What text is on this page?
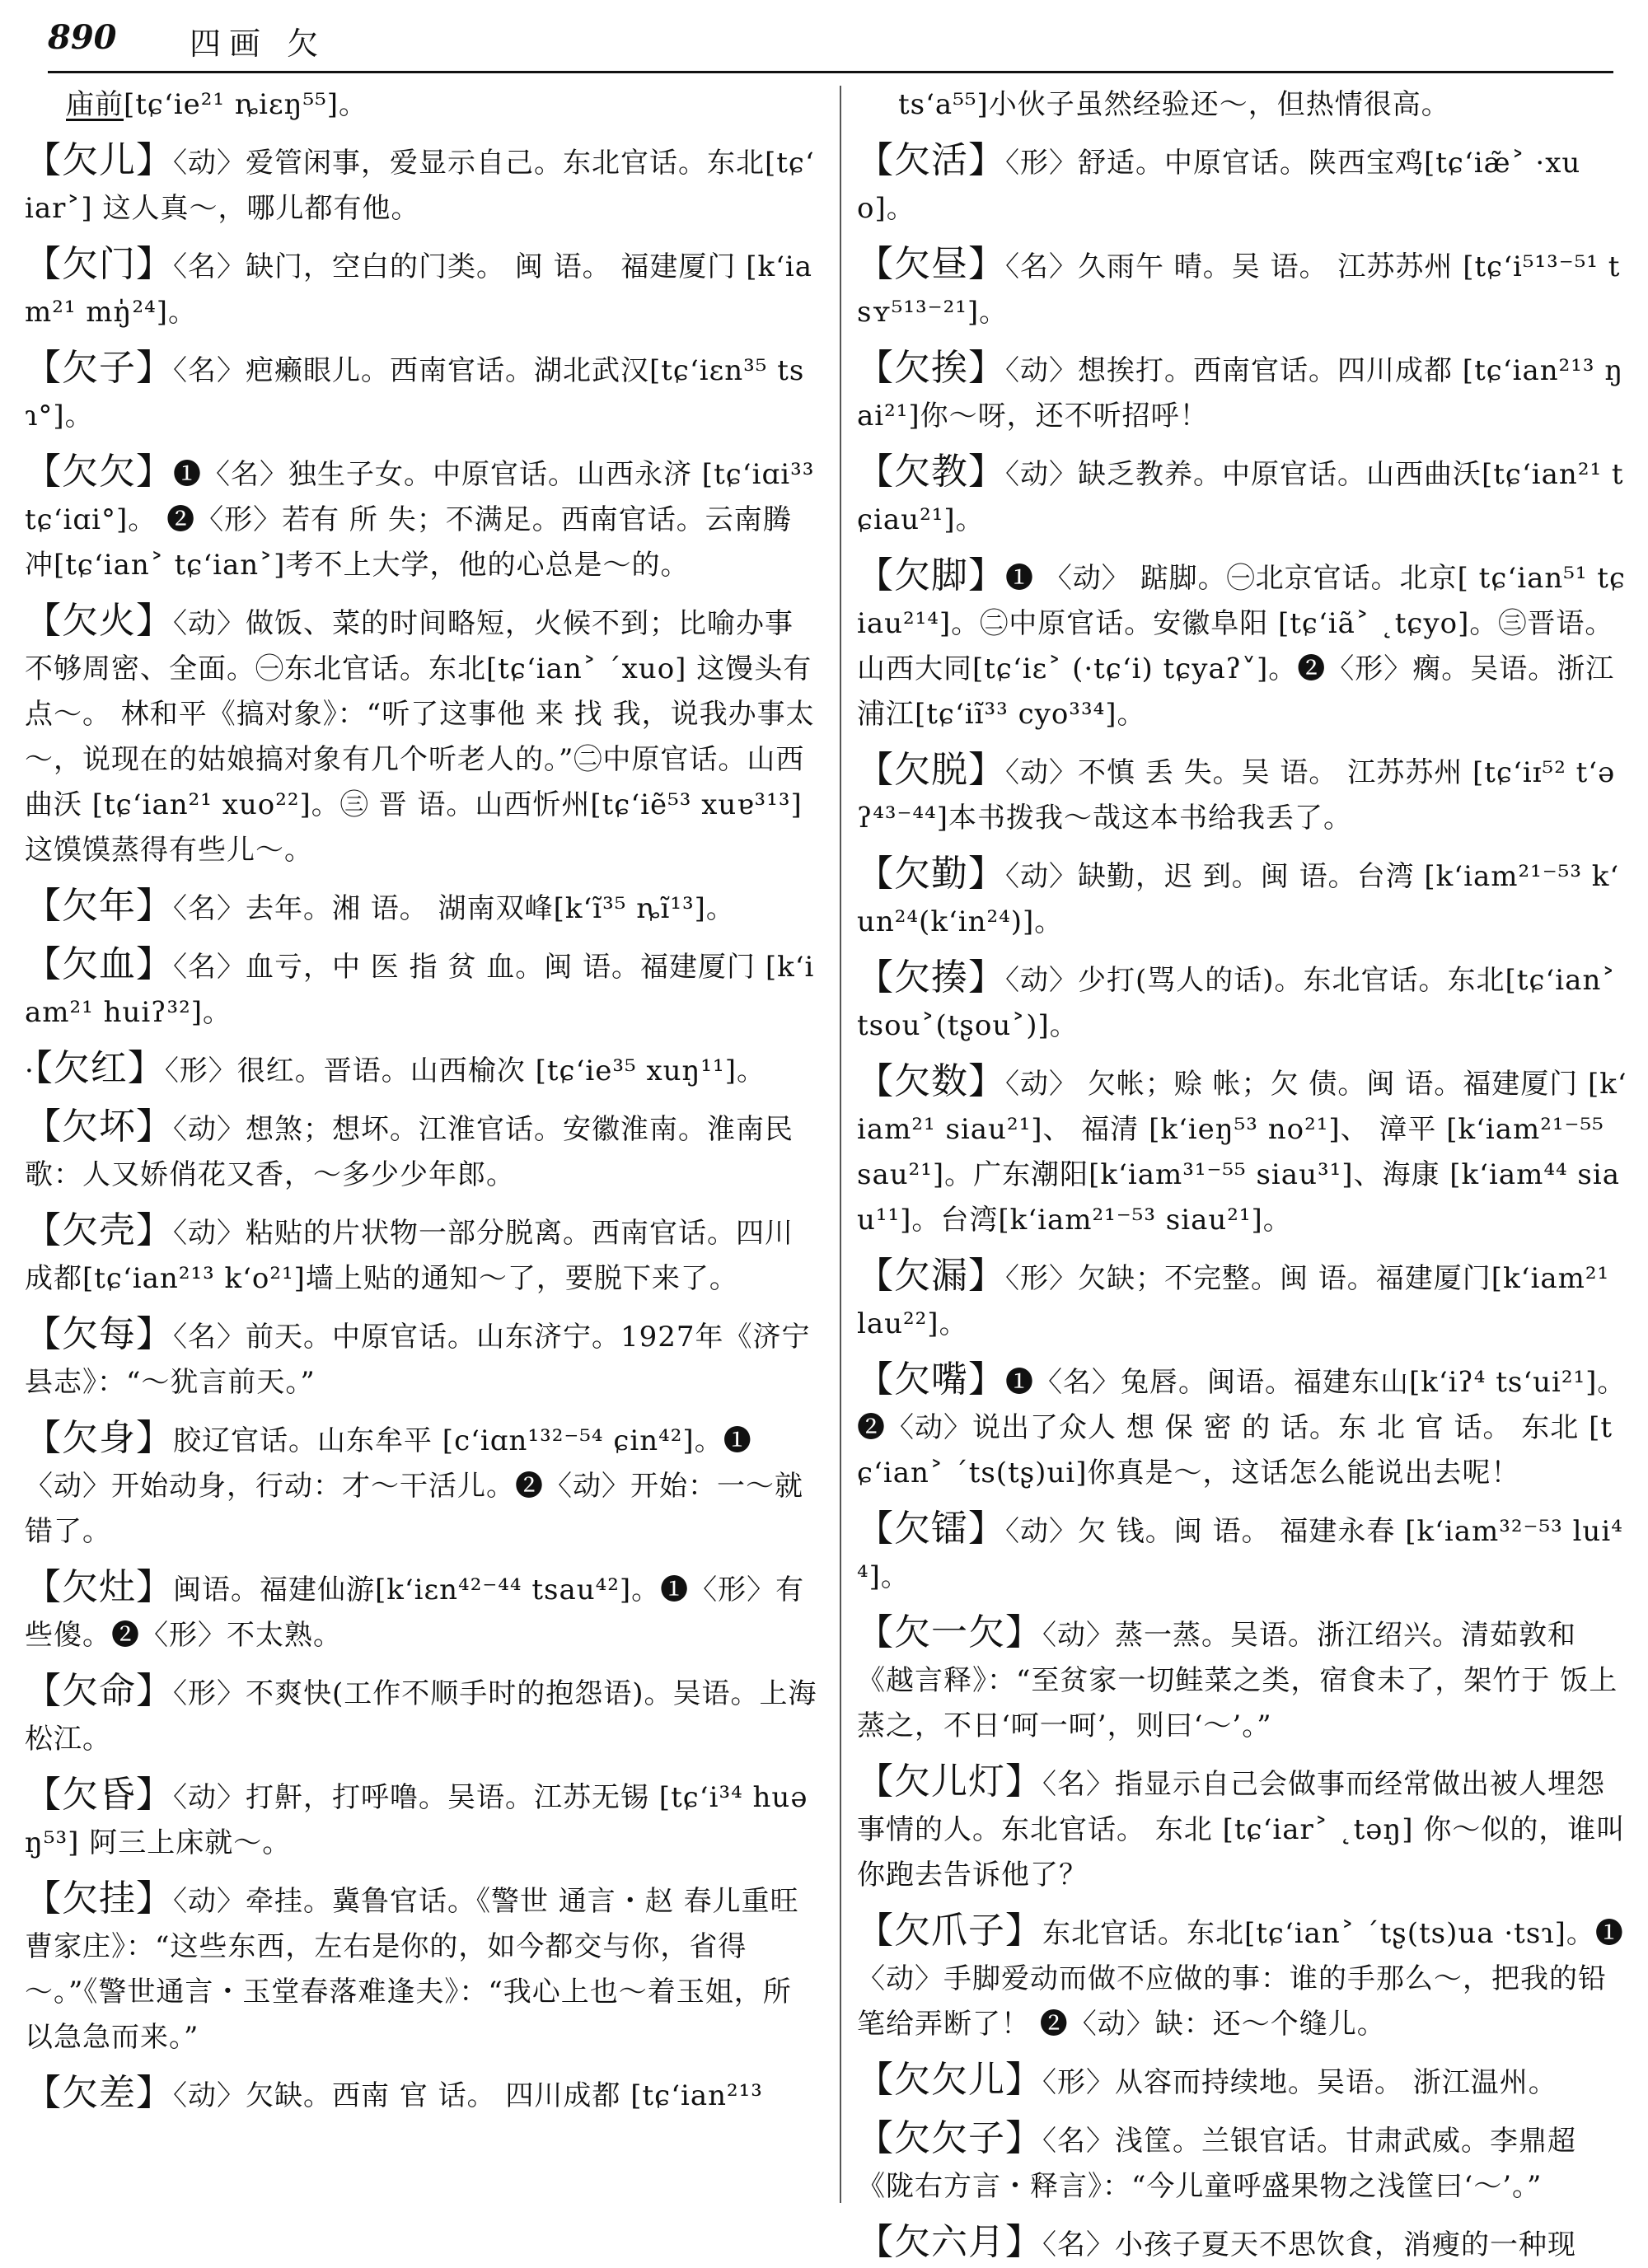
890 四画 欠

庙前[tɕʻie²¹ ȵiɛŋ⁵⁵]。

【欠儿】〈动〉爱管闲事，爱显示自己。东北官话。东北[tɕʻiar˃] 这人真～，哪儿都有他。

【欠门】〈名〉缺门，空白的门类。 闽 语。 福建厦门 [kʻiam²¹ mŋ̍²⁴]。

【欠子】〈名〉疤癞眼儿。西南官话。湖北武汉[tɕʻiɛn³⁵ tsɿ°]。

【欠欠】❶〈名〉独生子女。中原官话。山西永济 [tɕʻiɑi³³ tɕʻiɑi°]。 ❷〈形〉若有 所 失；不满足。西南官话。云南腾冲[tɕʻian˃ tɕʻian˃]考不上大学，他的心总是～的。

【欠火】〈动〉做饭、菜的时间略短，火候不到；比喻办事不够周密、全面。㊀东北官话。东北[tɕʻian˃ ˊxuo] 这馒头有点～。 林和平《搞对象》：“听了这事他 来 找 我，说我办事太～，说现在的姑娘搞对象有几个听老人的。”㊁中原官话。山西曲沃 [tɕʻian²¹ xuo²²]。㊂ 晋 语。山西忻州[tɕʻiẽ⁵³ xuɐ³¹³]这馍馍蒸得有些儿～。

【欠年】〈名〉去年。湘 语。 湖南双峰[kʻĩ³⁵ ȵĩ¹³]。

【欠血】〈名〉血亏，中 医 指 贫 血。闽 语。福建厦门 [kʻiam²¹ huiʔ³²]。

·【欠红】〈形〉很红。晋语。山西榆次 [tɕʻie³⁵ xuŋ¹¹]。

【欠坏】〈动〉想煞；想坏。江淮官话。安徽淮南。淮南民歌：人又娇俏花又香，～多少少年郎。

【欠壳】〈动〉粘贴的片状物一部分脱离。西南官话。四川成都[tɕʻian²¹³ kʻo²¹]墙上贴的通知～了，要脱下来了。

【欠每】〈名〉前天。中原官话。山东济宁。1927年《济宁县志》：“～犹言前天。”

【欠身】胶辽官话。山东牟平 [cʻiɑn¹³²⁻⁵⁴ ɕin⁴²]。❶〈动〉开始动身，行动：才～干活儿。❷〈动〉开始：一～就错了。

【欠灶】闽语。福建仙游[kʻiɛn⁴²⁻⁴⁴ tsau⁴²]。❶〈形〉有些傻。❷〈形〉不太熟。

【欠命】〈形〉不爽快(工作不顺手时的抱怨语)。吴语。上海松江。

【欠昏】〈动〉打鼾，打呼噜。吴语。江苏无锡 [tɕʻi³⁴ huəŋ⁵³] 阿三上床就～。

【欠挂】〈动〉牵挂。冀鲁官话。《警世 通言・赵 春儿重旺曹家庄》：“这些东西，左右是你的，如今都交与你，省得～。”《警世通言・玉堂春落难逢夫》：“我心上也～着玉姐，所以急急而来。”

【欠差】〈动〉欠缺。西南 官 话。 四川成都 [tɕʻian²¹³

tsʻa⁵⁵]小伙子虽然经验还～，但热情很高。

【欠活】〈形〉舒适。中原官话。陕西宝鸡[tɕʻiæ̃˃ ·xuo]。

【欠昼】〈名〉久雨午 晴。吴 语。 江苏苏州 [tɕʻi⁵¹³⁻⁵¹ tsʏ⁵¹³⁻²¹]。

【欠挨】〈动〉想挨打。西南官话。四川成都 [tɕʻian²¹³ ŋai²¹]你～呀，还不听招呼！

【欠教】〈动〉缺乏教养。中原官话。山西曲沃[tɕʻian²¹ tɕiau²¹]。

【欠脚】❶ 〈动〉 踮脚。㊀北京官话。北京[ tɕʻian⁵¹ tɕiau²¹⁴]。㊁中原官话。安徽阜阳 [tɕʻiã˃ ˛tɕyo]。㊂晋语。山西大同[tɕʻiɛ˃ (·tɕʻi) tɕyaʔ˅]。❷〈形〉瘸。吴语。浙江浦江[tɕʻiĩ³³ cyo³³⁴]。

【欠脱】〈动〉不慎 丢 失。吴 语。 江苏苏州 [tɕʻiɪ⁵² tʻəʔ⁴³⁻⁴⁴]本书拨我～哉这本书给我丢了。

【欠勤】〈动〉缺勤，迟 到。闽 语。台湾 [kʻiam²¹⁻⁵³ kʻun²⁴(kʻin²⁴)]。

【欠揍】〈动〉少打(骂人的话)。东北官话。东北[tɕʻian˃ tsou˃(tʂou˃)]。

【欠数】〈动〉 欠帐；赊 帐；欠 债。闽 语。福建厦门 [kʻiam²¹ siau²¹]、 福清 [kʻieŋ⁵³ no²¹]、 漳平 [kʻiam²¹⁻⁵⁵ sau²¹]。广东潮阳[kʻiam³¹⁻⁵⁵ siau³¹]、海康 [kʻiam⁴⁴ siau¹¹]。台湾[kʻiam²¹⁻⁵³ siau²¹]。

【欠漏】〈形〉欠缺；不完整。闽 语。福建厦门[kʻiam²¹ lau²²]。

【欠嘴】❶〈名〉兔唇。闽语。福建东山[kʻiʔ⁴ tsʻui²¹]。❷〈动〉说出了众人 想 保 密 的 话。东 北 官 话。 东北 [tɕʻian˃ ˊts(tʂ)ui]你真是～，这话怎么能说出去呢！

【欠镭】〈动〉欠 钱。闽 语。 福建永春 [kʻiam³²⁻⁵³ lui⁴⁴]。

【欠一欠】〈动〉蒸一蒸。吴语。浙江绍兴。清茹敦和《越言释》：“至贫家一切鲑菜之类，宿食未了，架竹于 饭上蒸之，不日‘呵一呵’，则曰‘～’。”

【欠儿灯】〈名〉指显示自己会做事而经常做出被人埋怨事情的人。东北官话。 东北 [tɕʻiar˃ ˛təŋ] 你～似的，谁叫你跑去告诉他了？

【欠爪子】东北官话。东北[tɕʻian˃ ˊtʂ(ts)ua ·tsɿ]。❶〈动〉手脚爱动而做不应做的事：谁的手那么～，把我的铅笔给弄断了！ ❷〈动〉缺：还～个缝儿。

【欠欠儿】〈形〉从容而持续地。吴语。 浙江温州。

【欠欠子】〈名〉浅筐。兰银官话。甘肃武威。李鼎超《陇右方言・释言》：“今儿童呼盛果物之浅筐曰‘～’。”

【欠六月】〈名〉小孩子夏天不思饮食，消瘦的一种现
